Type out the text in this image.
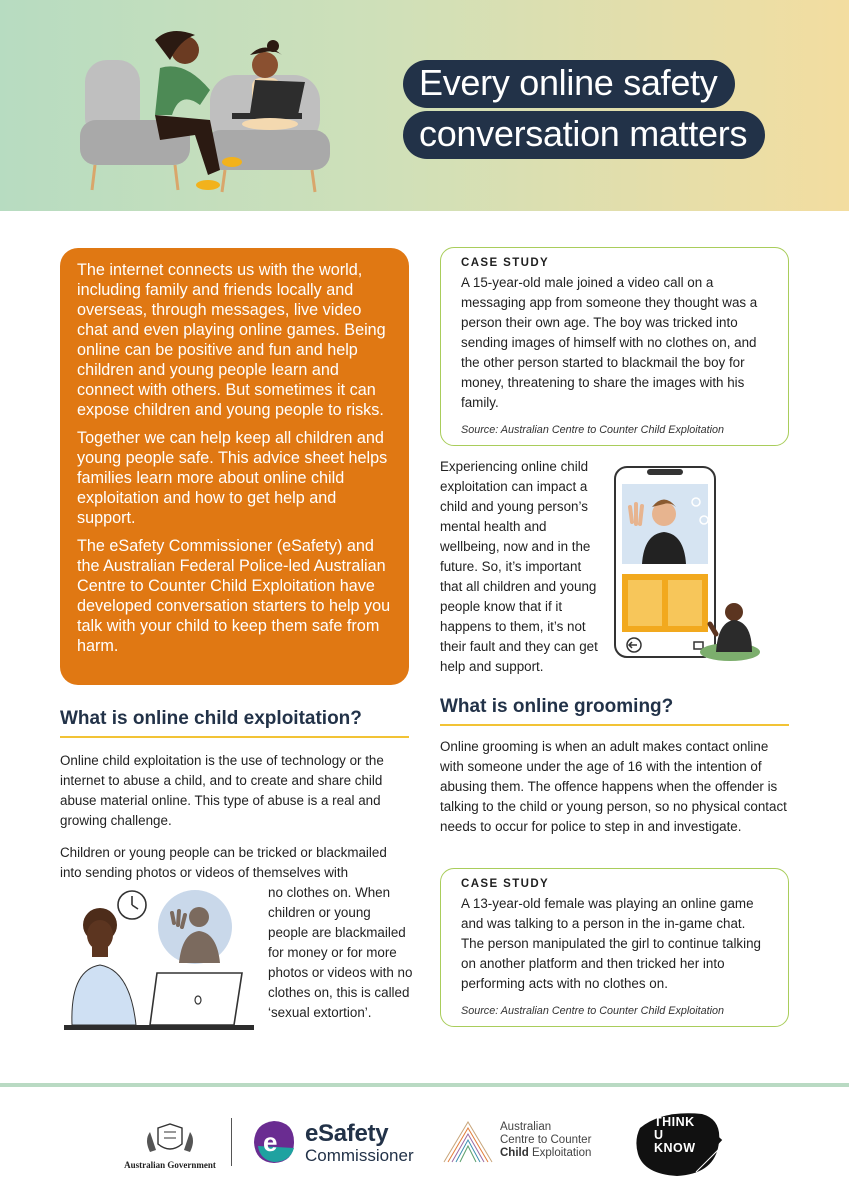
Every online safety
conversation matters

The internet connects us with the world, including family and friends locally and overseas, through messages, live video chat and even playing online games. Being online can be positive and fun and help children and young people learn and connect with others. But sometimes it can expose children and young people to risks.

Together we can help keep all children and young people safe. This advice sheet helps families learn more about online child exploitation and how to get help and support.

The eSafety Commissioner (eSafety) and the Australian Federal Police-led Australian Centre to Counter Child Exploitation have developed conversation starters to help you talk with your child to keep them safe from harm.

CASE STUDY
A 15-year-old male joined a video call on a messaging app from someone they thought was a person their own age. The boy was tricked into sending images of himself with no clothes on, and the other person started to blackmail the boy for money, threatening to share the images with his family.
Source: Australian Centre to Counter Child Exploitation
Experiencing online child exploitation can impact a child and young person’s mental health and wellbeing, now and in the future. So, it’s important that all children and young people know that if it happens to them, it’s not their fault and they can get help and support.
What is online child exploitation?
Online child exploitation is the use of technology or the internet to abuse a child, and to create and share child abuse material online. This type of abuse is a real and growing challenge.
Children or young people can be tricked or blackmailed into sending photos or videos of themselves with
no clothes on. When children or young people are blackmailed for money or for more photos or videos with no clothes on, this is called ‘sexual extortion’.
What is online grooming?
Online grooming is when an adult makes contact online with someone under the age of 16 with the intention of abusing them. The offence happens when the offender is talking to the child or young person, so no physical contact needs to occur for police to step in and investigate.
CASE STUDY
A 13-year-old female was playing an online game and was talking to a person in the in-game chat. The person manipulated the girl to continue talking on another platform and then tricked her into performing acts with no clothes on.
Source: Australian Centre to Counter Child Exploitation
Australian Government
e eSafety
Commissioner
Australian
Centre to Counter
Child Exploitation
THINK
U
KNOW
